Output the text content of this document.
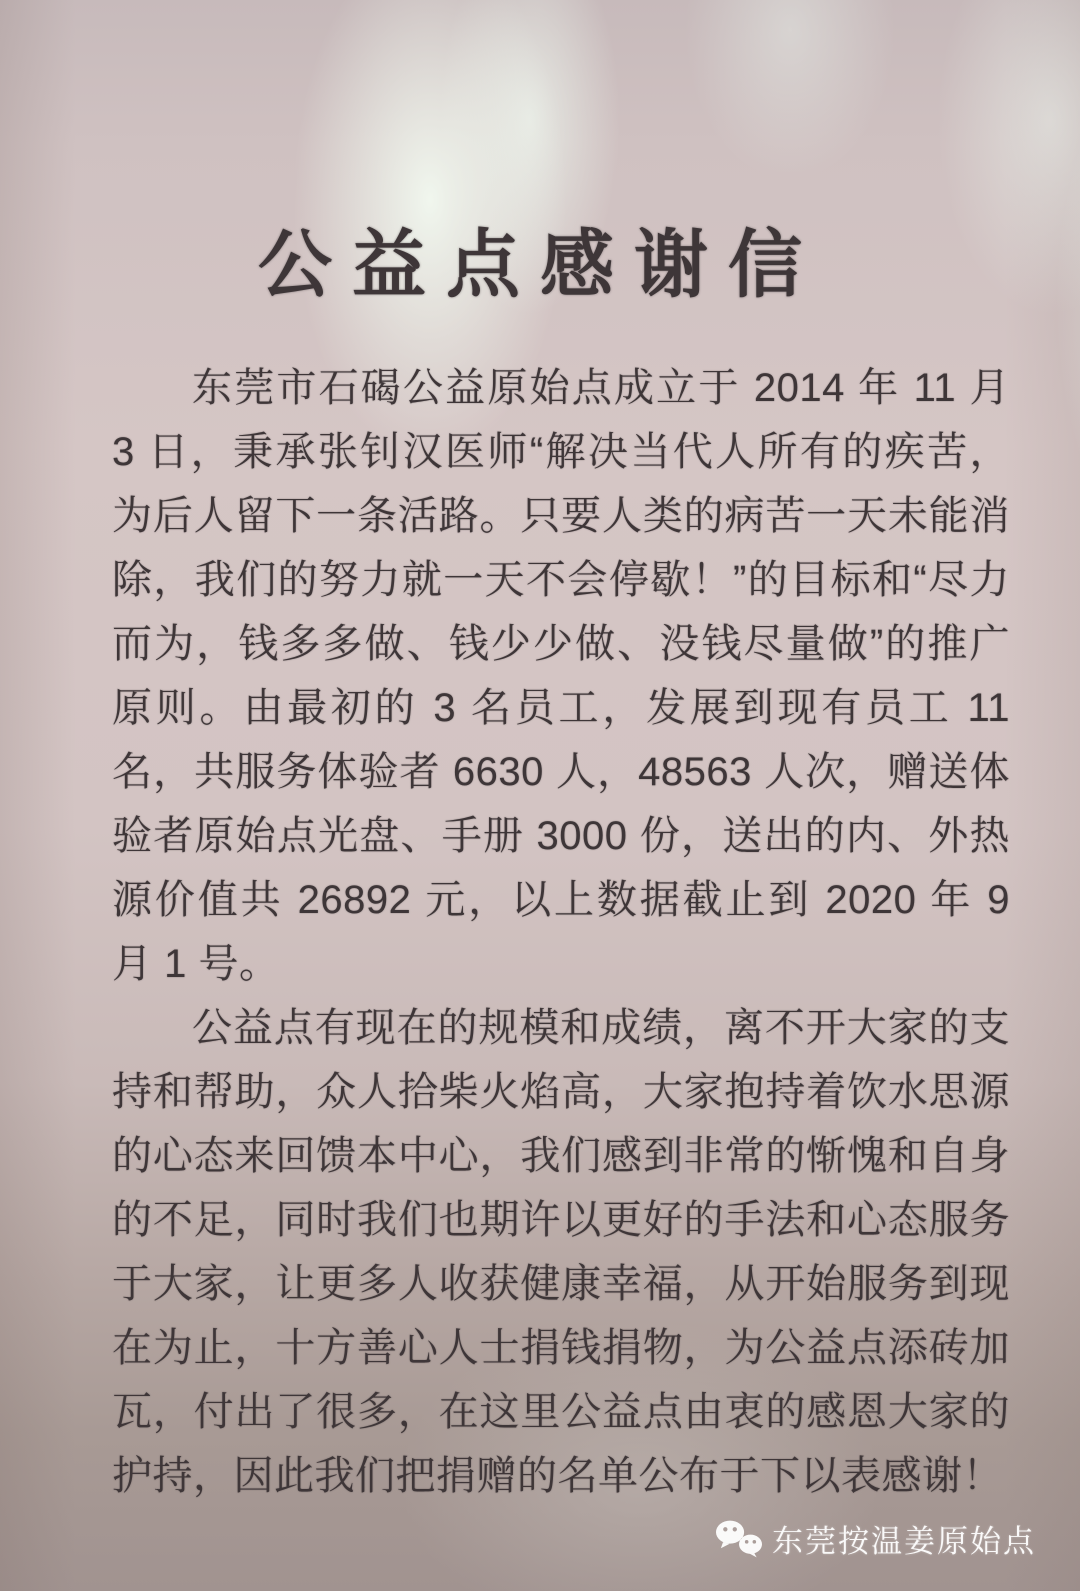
公益点感谢信

东莞市石碣公益原始点成立于 2014 年 11 月 3 日，秉承张钊汉医师“解决当代人所有的疾苦，为后人留下一条活路。只要人类的病苦一天未能消除，我们的努力就一天不会停歇！”的目标和“尽力而为，钱多多做、钱少少做、没钱尽量做”的推广原则。由最初的 3 名员工，发展到现有员工 11 名，共服务体验者 6630 人，48563 人次，赠送体验者原始点光盘、手册 3000 份，送出的内、外热源价值共 26892 元，以上数据截止到 2020 年 9 月 1 号。

公益点有现在的规模和成绩，离不开大家的支持和帮助，众人拾柴火焰高，大家抱持着饮水思源的心态来回馈本中心，我们感到非常的惭愧和自身的不足，同时我们也期许以更好的手法和心态服务于大家，让更多人收获健康幸福，从开始服务到现在为止，十方善心人士捐钱捐物，为公益点添砖加瓦，付出了很多，在这里公益点由衷的感恩大家的护持，因此我们把捐赠的名单公布于下以表感谢！

东莞按温姜原始点
